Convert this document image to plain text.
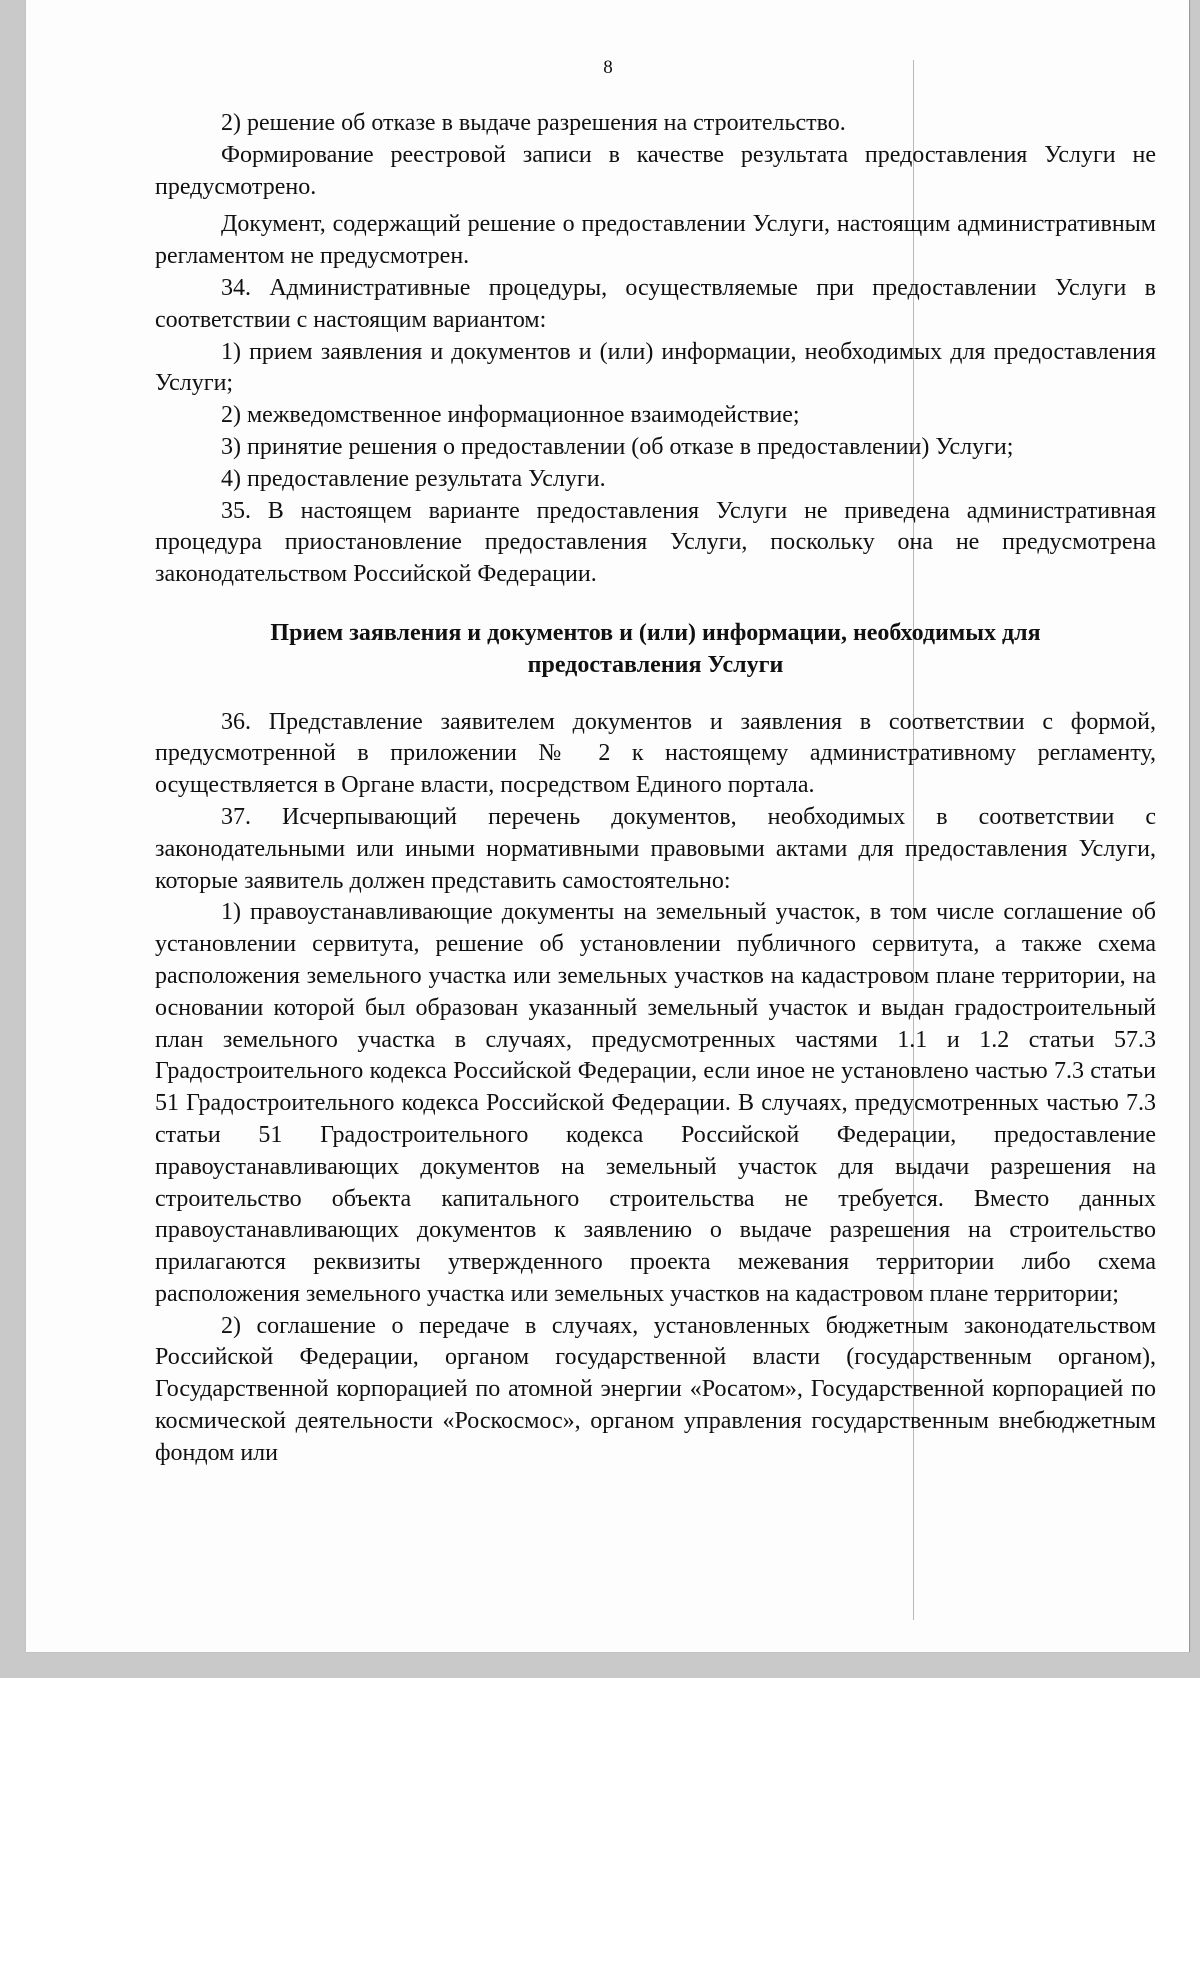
8

2) решение об отказе в выдаче разрешения на строительство.

Формирование реестровой записи в качестве результата предоставления Услуги не предусмотрено.

Документ, содержащий решение о предоставлении Услуги, настоящим административным регламентом не предусмотрен.

34. Административные процедуры, осуществляемые при предоставлении Услуги в соответствии с настоящим вариантом:

1) прием заявления и документов и (или) информации, необходимых для предоставления Услуги;

2) межведомственное информационное взаимодействие;

3) принятие решения о предоставлении (об отказе в предоставлении) Услуги;

4) предоставление результата Услуги.

35. В настоящем варианте предоставления Услуги не приведена административная процедура приостановление предоставления Услуги, поскольку она не предусмотрена законодательством Российской Федерации.

Прием заявления и документов и (или) информации, необходимых для предоставления Услуги

36. Представление заявителем документов и заявления в соответствии с формой, предусмотренной в приложении № 2 к настоящему административному регламенту, осуществляется в Органе власти, посредством Единого портала.

37. Исчерпывающий перечень документов, необходимых в соответствии с законодательными или иными нормативными правовыми актами для предоставления Услуги, которые заявитель должен представить самостоятельно:

1) правоустанавливающие документы на земельный участок, в том числе соглашение об установлении сервитута, решение об установлении публичного сервитута, а также схема расположения земельного участка или земельных участков на кадастровом плане территории, на основании которой был образован указанный земельный участок и выдан градостроительный план земельного участка в случаях, предусмотренных частями 1.1 и 1.2 статьи 57.3 Градостроительного кодекса Российской Федерации, если иное не установлено частью 7.3 статьи 51 Градостроительного кодекса Российской Федерации. В случаях, предусмотренных частью 7.3 статьи 51 Градостроительного кодекса Российской Федерации, предоставление правоустанавливающих документов на земельный участок для выдачи разрешения на строительство объекта капитального строительства не требуется. Вместо данных правоустанавливающих документов к заявлению о выдаче разрешения на строительство прилагаются реквизиты утвержденного проекта межевания территории либо схема расположения земельного участка или земельных участков на кадастровом плане территории;

2) соглашение о передаче в случаях, установленных бюджетным законодательством Российской Федерации, органом государственной власти (государственным органом), Государственной корпорацией по атомной энергии «Росатом», Государственной корпорацией по космической деятельности «Роскосмос», органом управления государственным внебюджетным фондом или
